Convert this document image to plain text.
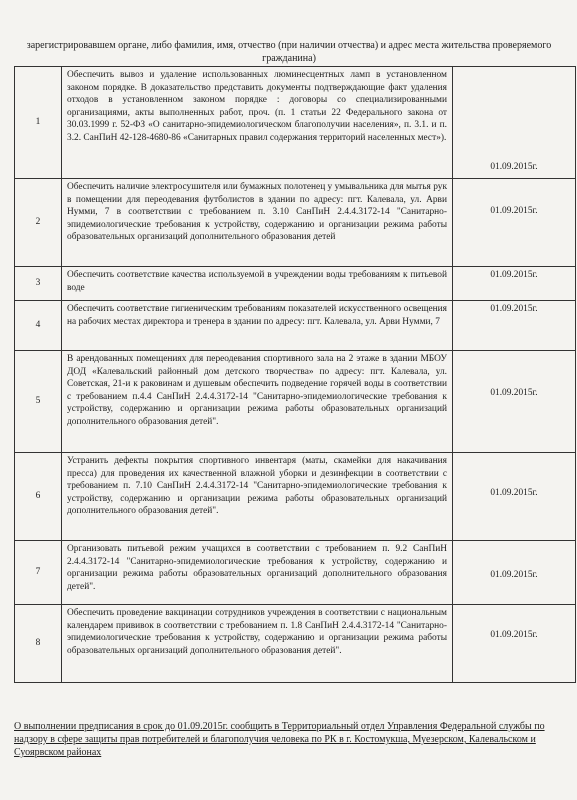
зарегистрировавшем органе, либо фамилия, имя, отчество (при наличии отчества) и адрес места жительства проверяемого гражданина)
1	Обеспечить вывоз и удаление использованных люминесцентных ламп в установленном законом порядке. В доказательство представить документы подтверждающие факт удаления отходов в установленном законом порядке : договоры со специализированными организациями, акты выполненных работ, проч. (п. 1 статьи 22 Федерального закона от 30.03.1999 г. 52-ФЗ «О санитарно-эпидемиологическом благополучии населения», п. 3.1. и п. 3.2. СанПиН 42-128-4680-86 «Санитарных правил содержания территорий населенных мест»).	01.09.2015г.
2	Обеспечить наличие электросушителя или бумажных полотенец у умывальника для мытья рук в помещении для переодевания футболистов в здании по адресу: пгт. Калевала, ул. Арви Нумми, 7 в соответствии с требованием п. 3.10 СанПиН 2.4.4.3172-14 "Санитарно-эпидемиологические требования к устройству, содержанию и организации режима работы образовательных организаций дополнительного образования детей	01.09.2015г.
3	Обеспечить соответствие качества используемой в учреждении воды требованиям к питьевой воде	01.09.2015г.
4	Обеспечить соответствие гигиеническим требованиям показателей искусственного освещения на рабочих местах директора и тренера в здании по адресу: пгт. Калевала, ул. Арви Нумми, 7	01.09.2015г.
5	В арендованных помещениях для переодевания спортивного зала на 2 этаже в здании МБОУ ДОД «Калевальский районный дом детского творчества» по адресу: пгт. Калевала, ул. Советская, 21-и к раковинам и душевым обеспечить подведение горячей воды в соответствии с требованием п.4.4 СанПиН 2.4.4.3172-14 "Санитарно-эпидемиологические требования к устройству, содержанию и организации режима работы образовательных организаций дополнительного образования детей".	01.09.2015г.
6	Устранить дефекты покрытия спортивного инвентаря (маты, скамейки для накачивания пресса) для проведения их качественной влажной уборки и дезинфекции в соответствии с требованием п. 7.10 СанПиН 2.4.4.3172-14 "Санитарно-эпидемиологические требования к устройству, содержанию и организации режима работы образовательных организаций дополнительного образования детей".	01.09.2015г.
7	Организовать питьевой режим учащихся в соответствии с требованием п. 9.2 СанПиН 2.4.4.3172-14 "Санитарно-эпидемиологические требования к устройству, содержанию и организации режима работы образовательных организаций дополнительного образования детей".	01.09.2015г.
8	Обеспечить проведение вакцинации сотрудников учреждения в соответствии с национальным календарем прививок в соответствии с требованием п. 1.8 СанПиН 2.4.4.3172-14 "Санитарно-эпидемиологические требования к устройству, содержанию и организации режима работы образовательных организаций дополнительного образования детей".	01.09.2015г.
О выполнении предписания в срок до 01.09.2015г. сообщить в Территориальный отдел Управления Федеральной службы по надзору в сфере защиты прав потребителей и благополучия человека по РК в г. Костомукша, Муезерском, Калевальском и Суоярвском районах
